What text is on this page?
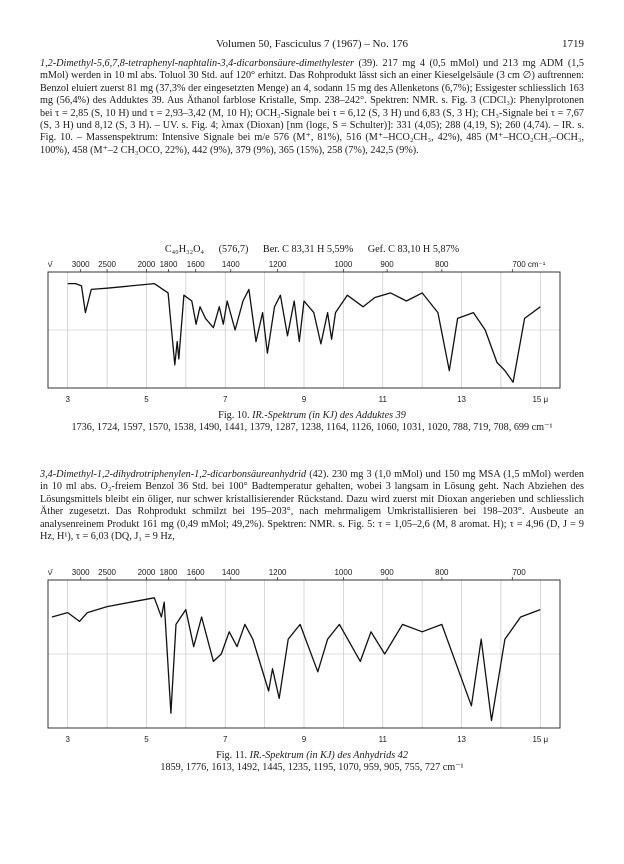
Volumen 50, Fasciculus 7 (1967) – No. 176	1719
1,2-Dimethyl-5,6,7,8-tetraphenyl-naphtalin-3,4-dicarbonsäure-dimethylester (39). 217 mg 4 (0,5 mMol) und 213 mg ADM (1,5 mMol) werden in 10 ml abs. Toluol 30 Std. auf 120° erhitzt. Das Rohprodukt lässt sich an einer Kieselgelsäule (3 cm ∅) auftrennen: Benzol eluiert zuerst 81 mg (37,3% der eingesetzten Menge) an 4, sodann 15 mg des Allenketons (6,7%); Essigester schliesslich 163 mg (56,4%) des Adduktes 39. Aus Äthanol farblose Kristalle, Smp. 238–242°. Spektren: NMR. s. Fig. 3 (CDCl₃): Phenylprotonen bei τ = 2,85 (S, 10 H) und τ = 2,93–3,42 (M, 10 H); OCH₃-Signale bei τ = 6,12 (S, 3 H) und 6,83 (S, 3 H); CH₃-Signale bei τ = 7,67 (S, 3 H) und 8,12 (S, 3 H). – UV. s. Fig. 4; λmax (Dioxan) [nm (logε, S = Schulter)]: 331 (4,05); 288 (4,19, S); 260 (4,74). – IR. s. Fig. 10. – Massenspektrum: Intensive Signale bei m/e 576 (M⁺, 81%), 516 (M⁺–HCO₂CH₃, 42%), 485 (M⁺–HCO₂CH₃–OCH₃, 100%), 458 (M⁺–2 CH₃OCO, 22%), 442 (9%), 379 (9%), 365 (15%), 258 (7%), 242,5 (9%).
C₄₀H₃₂O₄ (576,7) Ber. C 83,31 H 5,59% Gef. C 83,10 H 5,87%
ν̄ 3000 2500	2000 1800 1600 1400	1200	1000	900	800	700 cm⁻¹
3	5	7	9	11	13	15 μ
Fig. 10. IR.-Spektrum (in KJ) des Adduktes 39
1736, 1724, 1597, 1570, 1538, 1490, 1441, 1379, 1287, 1238, 1164, 1126, 1060, 1031, 1020, 788, 719, 708, 699 cm⁻¹
3,4-Dimethyl-1,2-dihydrotriphenylen-1,2-dicarbonsäureanhydrid (42). 230 mg 3 (1,0 mMol) und 150 mg MSA (1,5 mMol) werden in 10 ml abs. O₂-freiem Benzol 36 Std. bei 100° Badtemperatur gehalten, wobei 3 langsam in Lösung geht. Nach Abziehen des Lösungsmittels bleibt ein öliger, nur schwer kristallisierender Rückstand. Dazu wird zuerst mit Dioxan angerieben und schliesslich Äther zugesetzt. Das Rohprodukt schmilzt bei 195–203°, nach mehrmaligem Umkristallisieren bei 198–203°. Ausbeute an analysenreinem Produkt 161 mg (0,49 mMol; 49,2%). Spektren: NMR. s. Fig. 5: τ = 1,05–2,6 (M, 8 aromat. H); τ = 4,96 (D, J = 9 Hz, H¹), τ = 6,03 (DQ, J₁ = 9 Hz,
ν̄ 3000 2500	2000 1800 1600 1400	1200	1000	900	800	700
3	5	7	9	11	13	15 μ
Fig. 11. IR.-Spektrum (in KJ) des Anhydrids 42
1859, 1776, 1613, 1492, 1445, 1235, 1195, 1070, 959, 905, 755, 727 cm⁻¹
